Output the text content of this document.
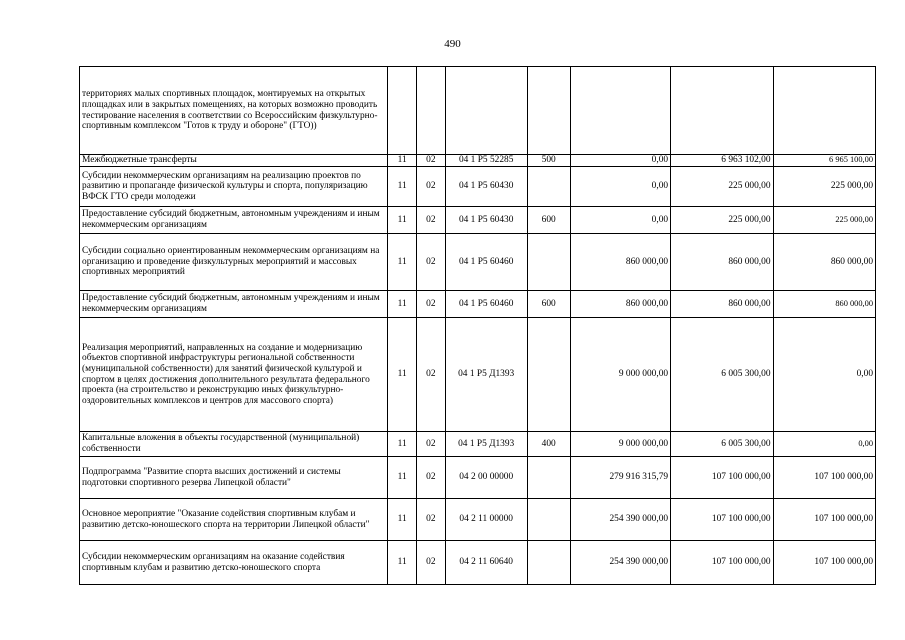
490
территориях малых спортивных площадок, монтируемых на открытых площадках или в закрытых помещениях, на которых возможно проводить тестирование населения в соответствии со Всероссийским физкультурно-спортивным комплексом "Готов к труду и обороне" (ГТО))							
Межбюджетные трансферты	11	02	04 1 P5 52285	500	0,00	6 963 102,00	6 965 100,00
Субсидии некоммерческим организациям на реализацию проектов по развитию и пропаганде физической культуры и спорта, популяризацию ВФСК ГТО среди молодежи	11	02	04 1 P5 60430		0,00	225 000,00	225 000,00
Предоставление субсидий бюджетным, автономным учреждениям и иным некоммерческим организациям	11	02	04 1 P5 60430	600	0,00	225 000,00	225 000,00
Субсидии социально ориентированным некоммерческим организациям на организацию и проведение физкультурных мероприятий и массовых спортивных мероприятий	11	02	04 1 P5 60460		860 000,00	860 000,00	860 000,00
Предоставление субсидий бюджетным, автономным учреждениям и иным некоммерческим организациям	11	02	04 1 P5 60460	600	860 000,00	860 000,00	860 000,00
Реализация мероприятий, направленных на создание и модернизацию объектов спортивной инфраструктуры региональной собственности (муниципальной собственности) для занятий физической культурой и спортом в целях достижения дополнительного результата федерального проекта (на строительство и реконструкцию иных физкультурно-оздоровительных комплексов и центров для массового спорта)	11	02	04 1 P5 Д1393		9 000 000,00	6 005 300,00	0,00
Капитальные вложения в объекты государственной (муниципальной) собственности	11	02	04 1 P5 Д1393	400	9 000 000,00	6 005 300,00	0,00
Подпрограмма "Развитие спорта высших достижений и системы подготовки спортивного резерва Липецкой области"	11	02	04 2 00 00000		279 916 315,79	107 100 000,00	107 100 000,00
Основное мероприятие "Оказание содействия спортивным клубам и развитию детско-юношеского спорта на территории Липецкой области"	11	02	04 2 11 00000		254 390 000,00	107 100 000,00	107 100 000,00
Субсидии некоммерческим организациям на оказание содействия спортивным клубам и развитию детско-юношеского спорта	11	02	04 2 11 60640		254 390 000,00	107 100 000,00	107 100 000,00
